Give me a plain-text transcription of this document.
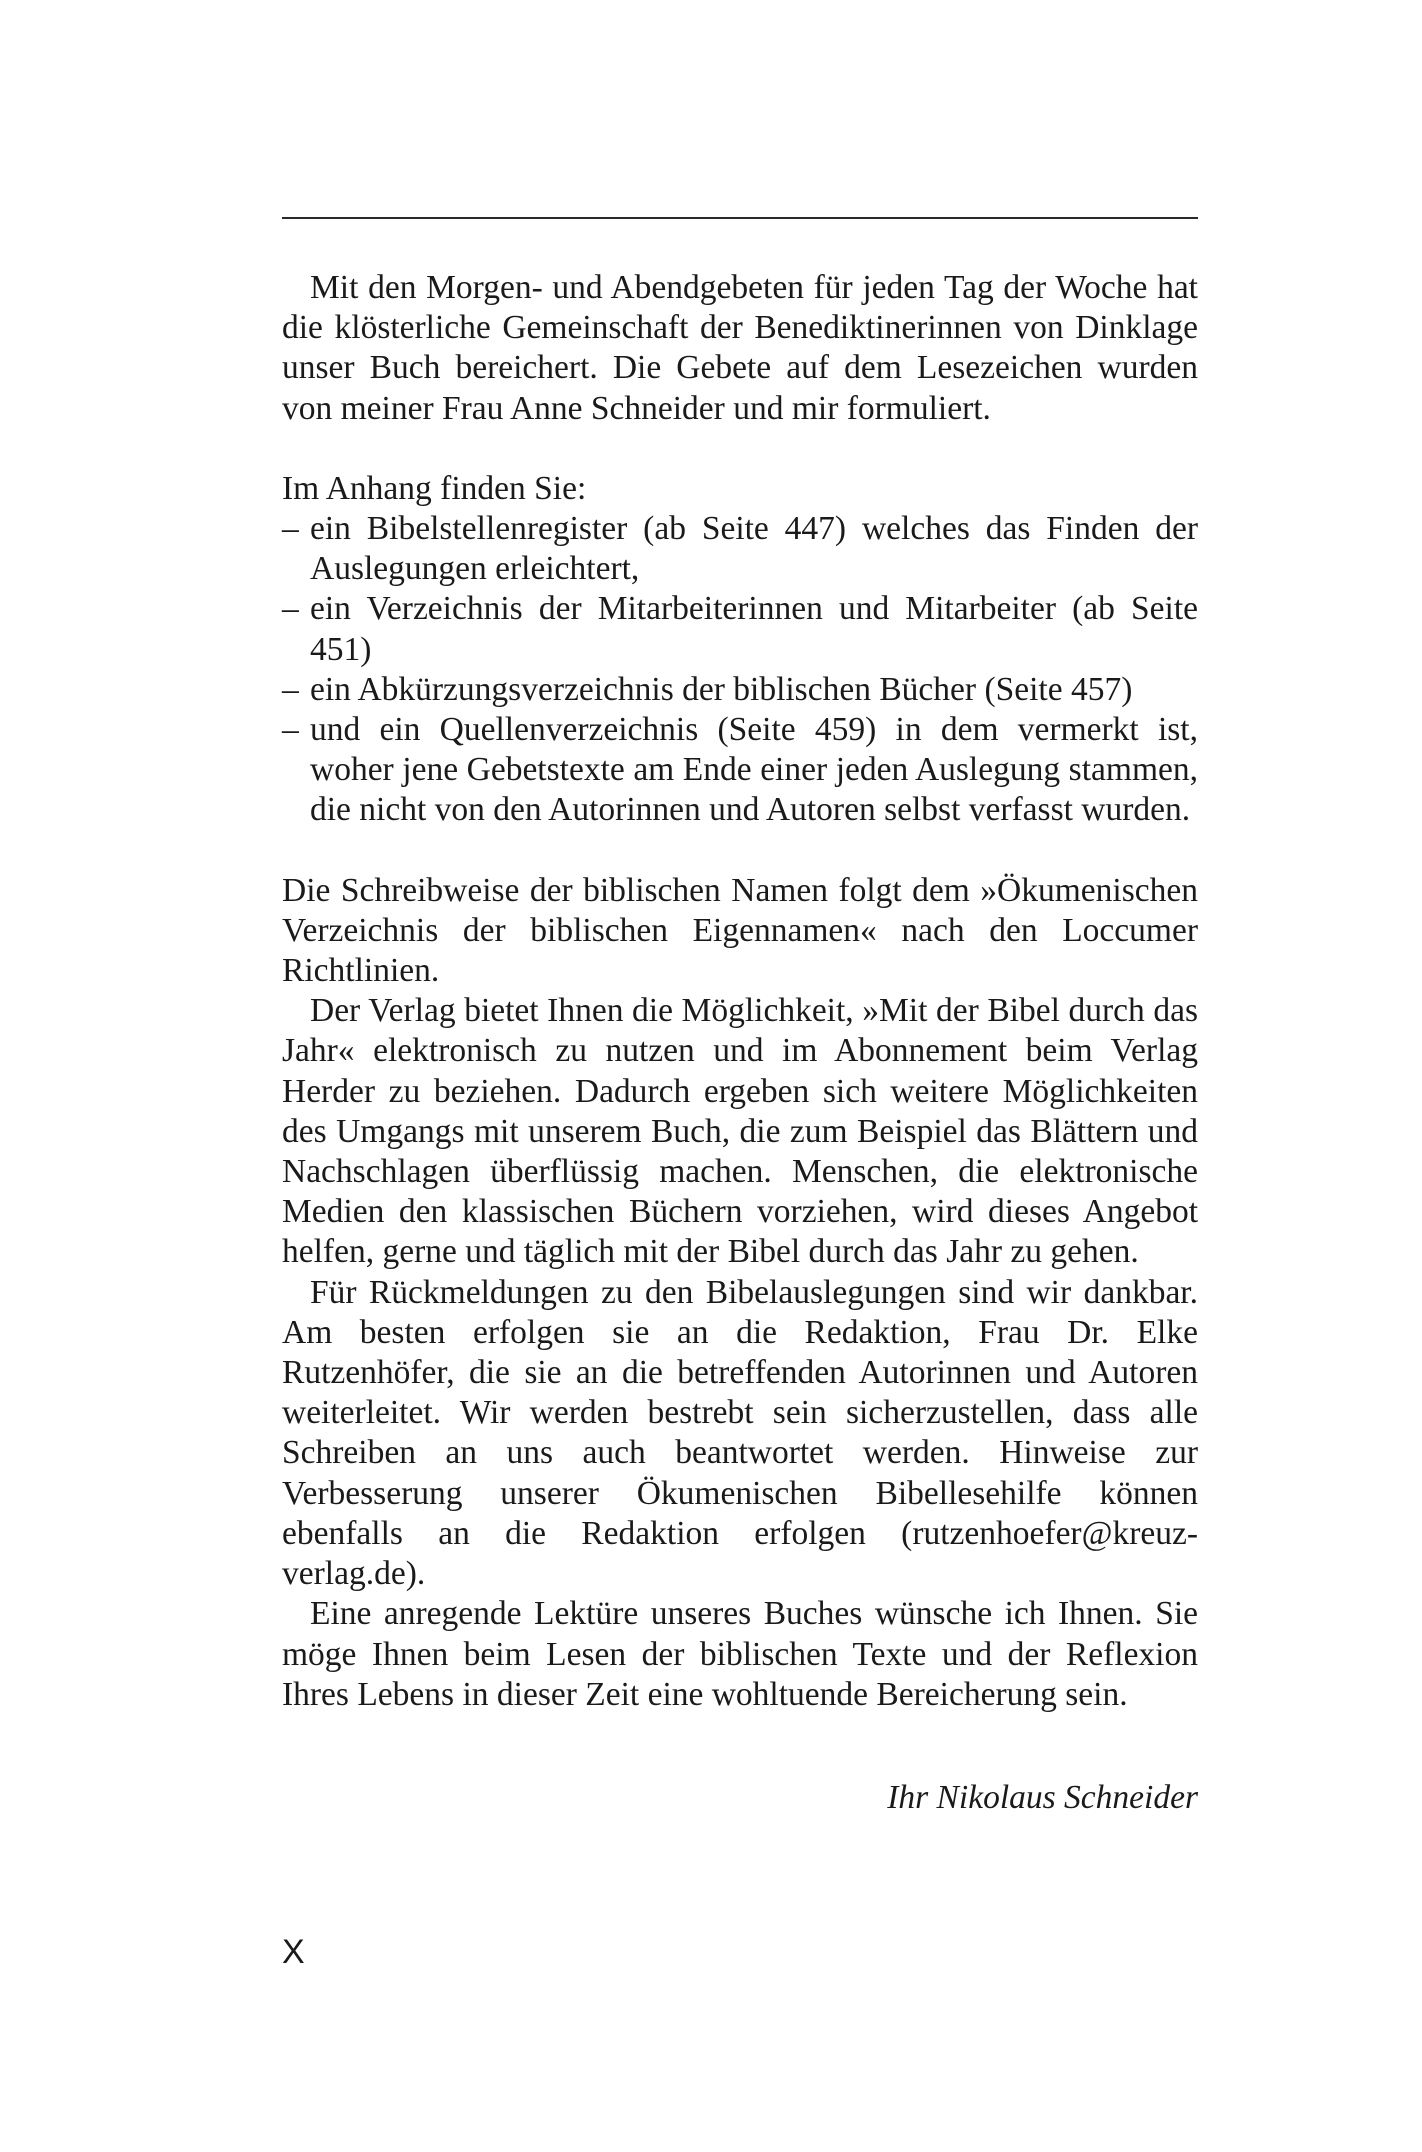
Mit den Morgen- und Abendgebeten für jeden Tag der Woche hat die klösterliche Gemeinschaft der Benediktinerinnen von Dinklage unser Buch bereichert. Die Gebete auf dem Lesezeichen wurden von meiner Frau Anne Schneider und mir formuliert.

Im Anhang finden Sie:

– ein Bibelstellenregister (ab Seite 447) welches das Finden der Auslegungen erleichtert,
– ein Verzeichnis der Mitarbeiterinnen und Mitarbeiter (ab Seite 451)
– ein Abkürzungsverzeichnis der biblischen Bücher (Seite 457)
– und ein Quellenverzeichnis (Seite 459) in dem vermerkt ist, woher jene Gebetstexte am Ende einer jeden Auslegung stammen, die nicht von den Autorinnen und Autoren selbst verfasst wurden.

Die Schreibweise der biblischen Namen folgt dem »Ökumenischen Verzeichnis der biblischen Eigennamen« nach den Loccumer Richtlinien.

Der Verlag bietet Ihnen die Möglichkeit, »Mit der Bibel durch das Jahr« elektronisch zu nutzen und im Abonnement beim Verlag Herder zu beziehen. Dadurch ergeben sich weitere Möglichkeiten des Umgangs mit unserem Buch, die zum Beispiel das Blättern und Nachschlagen überflüssig machen. Menschen, die elektronische Medien den klassischen Büchern vorziehen, wird dieses Angebot helfen, gerne und täglich mit der Bibel durch das Jahr zu gehen.

Für Rückmeldungen zu den Bibelauslegungen sind wir dankbar. Am besten erfolgen sie an die Redaktion, Frau Dr. Elke Rutzenhöfer, die sie an die betreffenden Autorinnen und Autoren weiterleitet. Wir werden bestrebt sein sicherzustellen, dass alle Schreiben an uns auch beantwortet werden. Hinweise zur Verbesserung unserer Ökumenischen Bibellesehilfe können ebenfalls an die Redaktion erfolgen (rutzenhoefer@kreuz-verlag.de).

Eine anregende Lektüre unseres Buches wünsche ich Ihnen. Sie möge Ihnen beim Lesen der biblischen Texte und der Reflexion Ihres Lebens in dieser Zeit eine wohltuende Bereicherung sein.

Ihr Nikolaus Schneider
X
